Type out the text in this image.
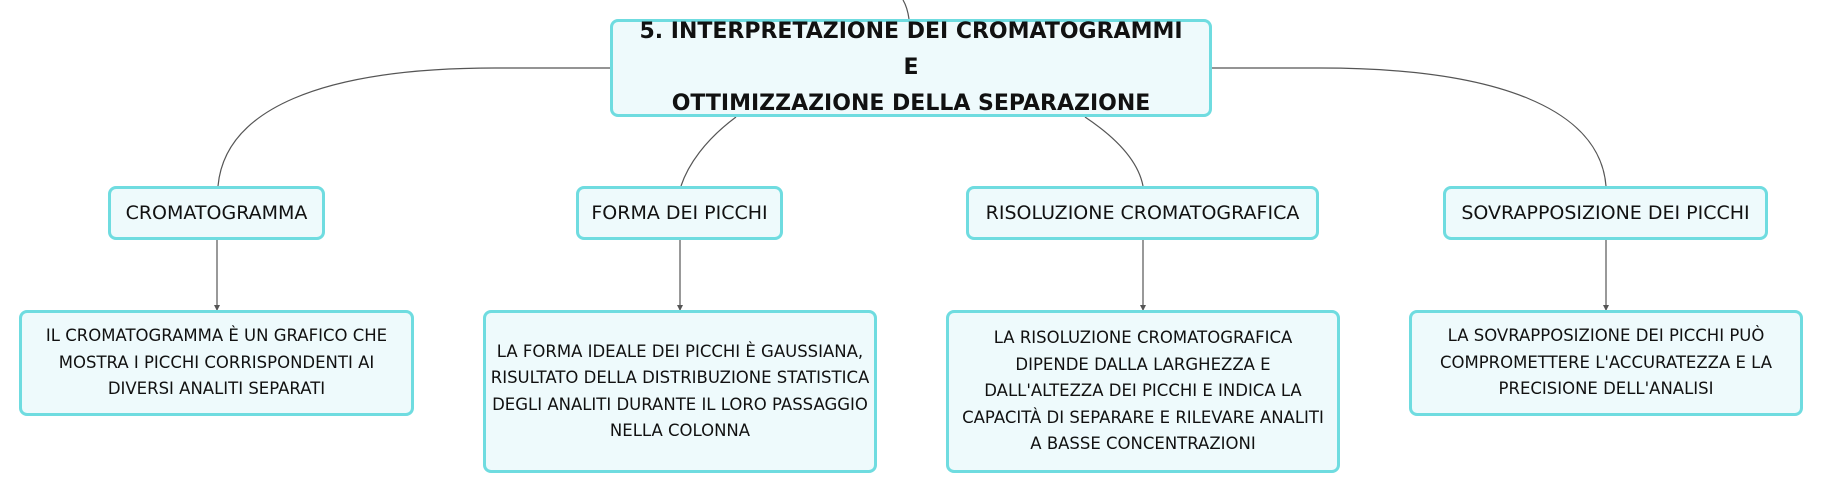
5. INTERPRETAZIONE DEI CROMATOGRAMMI E
OTTIMIZZAZIONE DELLA SEPARAZIONE
CROMATOGRAMMA	FORMA DEI PICCHI	RISOLUZIONE CROMATOGRAFICA	SOVRAPPOSIZIONE DEI PICCHI
IL CROMATOGRAMMA È UN GRAFICO CHE MOSTRA I PICCHI CORRISPONDENTI AI DIVERSI ANALITI SEPARATI
LA FORMA IDEALE DEI PICCHI È GAUSSIANA, RISULTATO DELLA DISTRIBUZIONE STATISTICA DEGLI ANALITI DURANTE IL LORO PASSAGGIO NELLA COLONNA
LA RISOLUZIONE CROMATOGRAFICA DIPENDE DALLA LARGHEZZA E DALL'ALTEZZA DEI PICCHI E INDICA LA CAPACITÀ DI SEPARARE E RILEVARE ANALITI A BASSE CONCENTRAZIONI
LA SOVRAPPOSIZIONE DEI PICCHI PUÒ COMPROMETTERE L'ACCURATEZZA E LA PRECISIONE DELL'ANALISI
